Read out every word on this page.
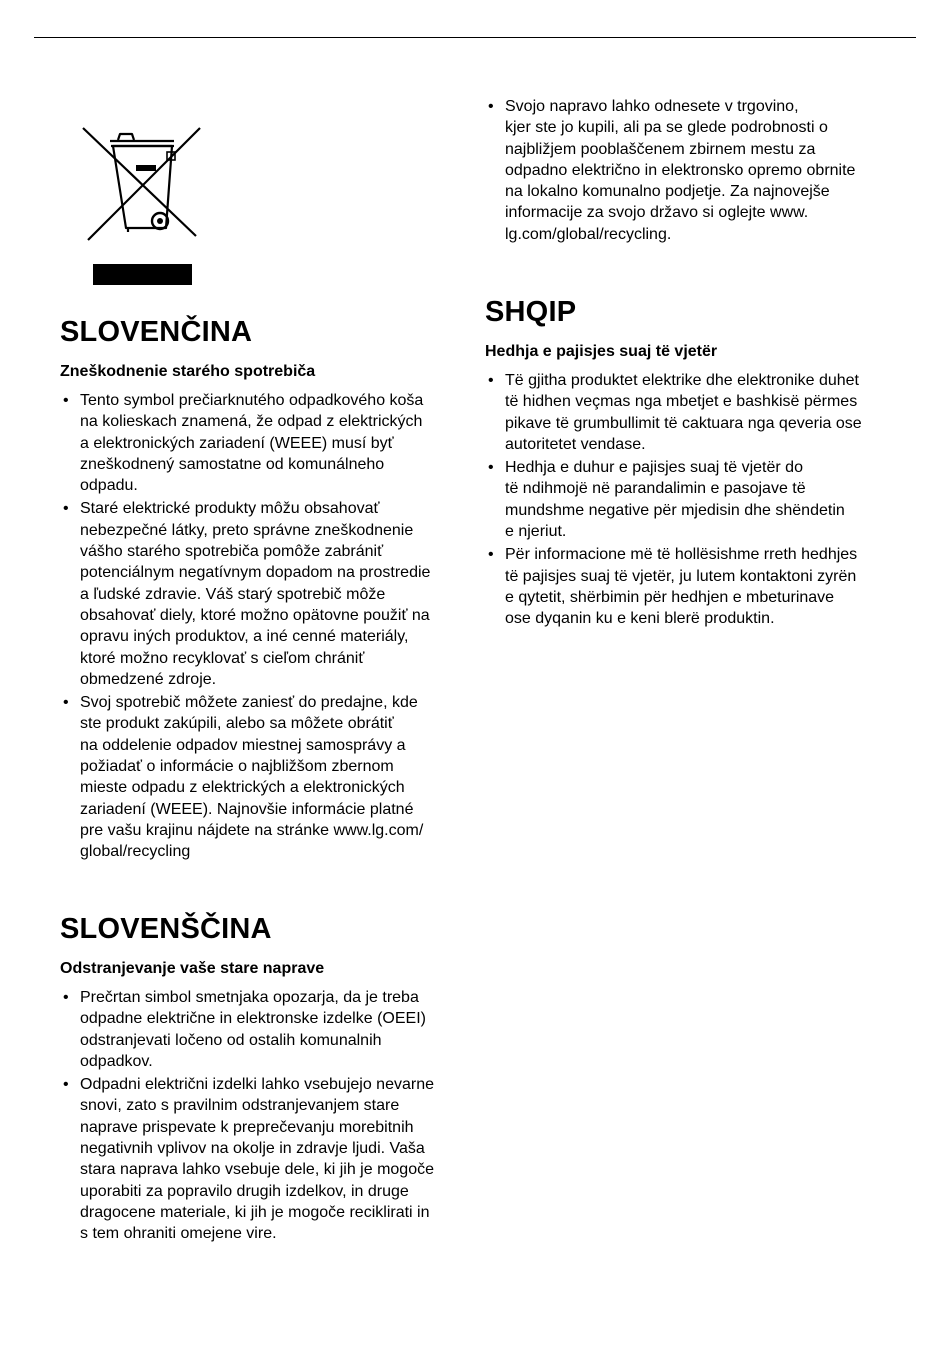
SLOVENČINA
Zneškodnenie starého spotrebiča
• Tento symbol prečiarknutého odpadkového koša
na kolieskach znamená, že odpad z elektrických
a elektronických zariadení (WEEE) musí byť
zneškodnený samostatne od komunálneho
odpadu.
• Staré elektrické produkty môžu obsahovať
nebezpečné látky, preto správne zneškodnenie
vášho starého spotrebiča pomôže zabrániť
potenciálnym negatívnym dopadom na prostredie
a ľudské zdravie. Váš starý spotrebič môže
obsahovať diely, ktoré možno opätovne použiť na
opravu iných produktov, a iné cenné materiály,
ktoré možno recyklovať s cieľom chrániť
obmedzené zdroje.
• Svoj spotrebič môžete zaniesť do predajne, kde
ste produkt zakúpili, alebo sa môžete obrátiť
na oddelenie odpadov miestnej samosprávy a
požiadať o informácie o najbližšom zbernom
mieste odpadu z elektrických a elektronických
zariadení (WEEE). Najnovšie informácie platné
pre vašu krajinu nájdete na stránke www.lg.com/
global/recycling
SLOVENŠČINA
Odstranjevanje vaše stare naprave
• Prečrtan simbol smetnjaka opozarja, da je treba
odpadne električne in elektronske izdelke (OEEI)
odstranjevati ločeno od ostalih komunalnih
odpadkov.
• Odpadni električni izdelki lahko vsebujejo nevarne
snovi, zato s pravilnim odstranjevanjem stare
naprave prispevate k preprečevanju morebitnih
negativnih vplivov na okolje in zdravje ljudi. Vaša
stara naprava lahko vsebuje dele, ki jih je mogoče
uporabiti za popravilo drugih izdelkov, in druge
dragocene materiale, ki jih je mogoče reciklirati in
s tem ohraniti omejene vire.
• Svojo napravo lahko odnesete v trgovino,
kjer ste jo kupili, ali pa se glede podrobnosti o
najbližjem pooblaščenem zbirnem mestu za
odpadno električno in elektronsko opremo obrnite
na lokalno komunalno podjetje. Za najnovejše
informacije za svojo državo si oglejte www.
lg.com/global/recycling.
SHQIP
Hedhja e pajisjes suaj të vjetër
• Të gjitha produktet elektrike dhe elektronike duhet
të hidhen veçmas nga mbetjet e bashkisë përmes
pikave të grumbullimit të caktuara nga qeveria ose
autoritetet vendase.
• Hedhja e duhur e pajisjes suaj të vjetër do
të ndihmojë në parandalimin e pasojave të
mundshme negative për mjedisin dhe shëndetin
e njeriut.
• Për informacione më të hollësishme rreth hedhjes
të pajisjes suaj të vjetër, ju lutem kontaktoni zyrën
e qytetit, shërbimin për hedhjen e mbeturinave
ose dyqanin ku e keni blerë produktin.
